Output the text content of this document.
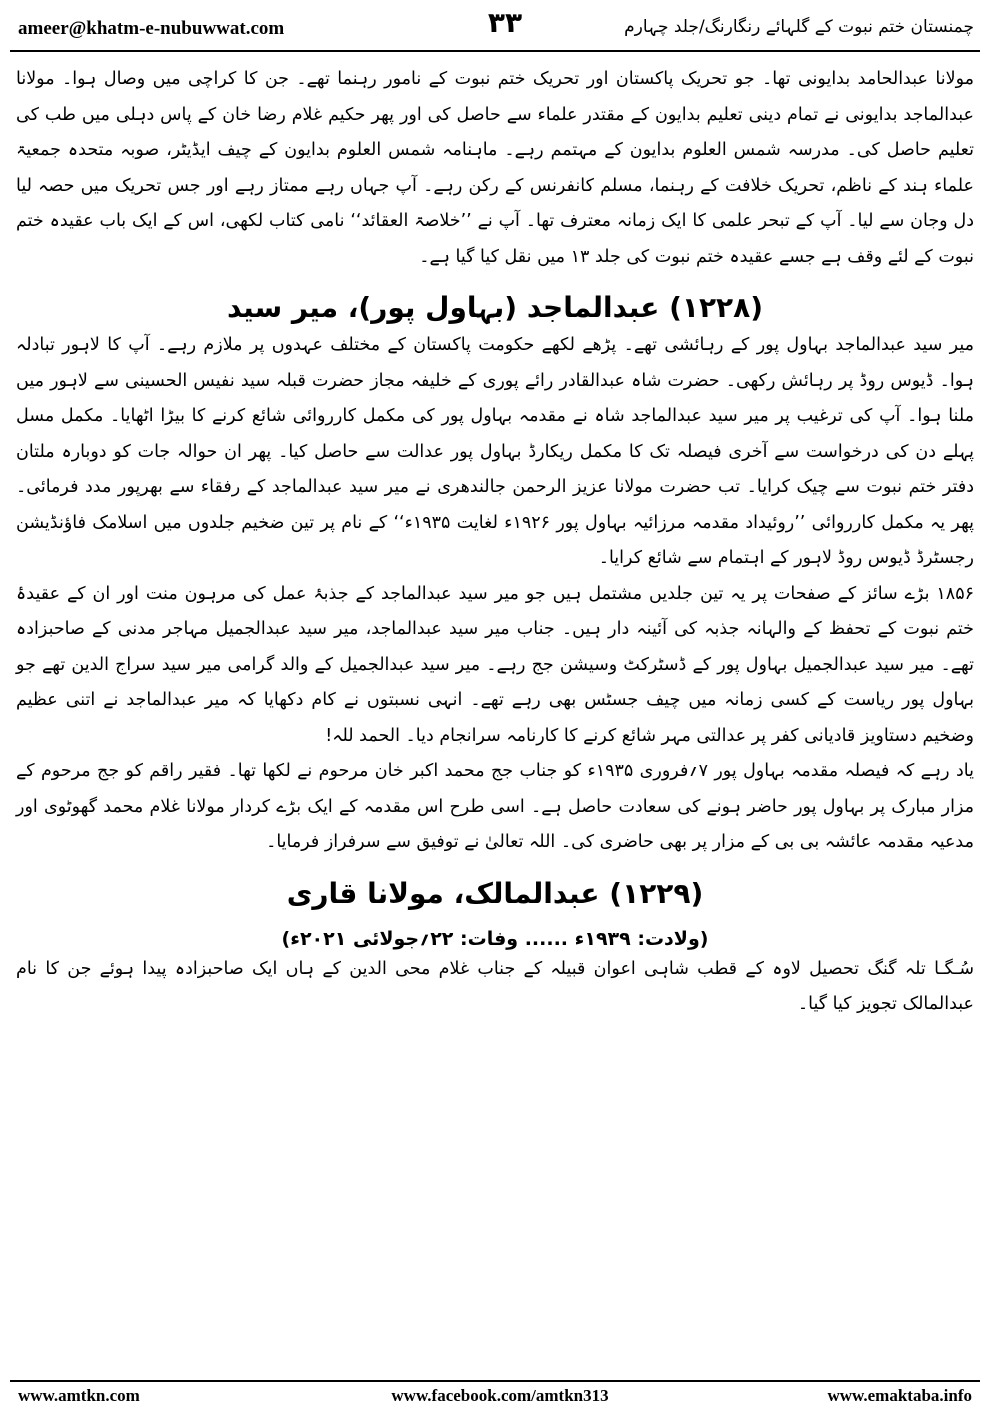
ameer@khatm-e-nubuwwat.com	۳۳	چمنستان ختم نبوت کے گلہائے رنگارنگ/جلد چہارم

مولانا عبدالحامد بدایونی تھا۔ جو تحریک پاکستان اور تحریک ختم نبوت کے نامور رہنما تھے۔ جن کا کراچی میں وصال ہوا۔ مولانا عبدالماجد بدایونی نے تمام دینی تعلیم بدایون کے مقتدر علماء سے حاصل کی اور پھر حکیم غلام رضا خان کے پاس دہلی میں طب کی تعلیم حاصل کی۔ مدرسہ شمس العلوم بدایون کے مہتمم رہے۔ ماہنامہ شمس العلوم بدایون کے چیف ایڈیٹر، صوبہ متحدہ جمعیۃ علماء ہند کے ناظم، تحریک خلافت کے رہنما، مسلم کانفرنس کے رکن رہے۔ آپ جہاں رہے ممتاز رہے اور جس تحریک میں حصہ لیا دل وجان سے لیا۔ آپ کے تبحر علمی کا ایک زمانہ معترف تھا۔ آپ نے ’’خلاصۃ العقائد‘‘ نامی کتاب لکھی، اس کے ایک باب عقیدہ ختم نبوت کے لئے وقف ہے جسے عقیدہ ختم نبوت کی جلد ۱۳ میں نقل کیا گیا ہے۔

(۱۲۲۸) عبدالماجد (بہاول پور)، میر سید

میر سید عبدالماجد بہاول پور کے رہائشی تھے۔ پڑھے لکھے حکومت پاکستان کے مختلف عہدوں پر ملازم رہے۔ آپ کا لاہور تبادلہ ہوا۔ ڈیوس روڈ پر رہائش رکھی۔ حضرت شاہ عبدالقادر رائے پوری کے خلیفہ مجاز حضرت قبلہ سید نفیس الحسینی سے لاہور میں ملنا ہوا۔ آپ کی ترغیب پر میر سید عبدالماجد شاہ نے مقدمہ بہاول پور کی مکمل کارروائی شائع کرنے کا بیڑا اٹھایا۔ مکمل مسل پہلے دن کی درخواست سے آخری فیصلہ تک کا مکمل ریکارڈ بہاول پور عدالت سے حاصل کیا۔ پھر ان حوالہ جات کو دوبارہ ملتان دفتر ختم نبوت سے چیک کرایا۔ تب حضرت مولانا عزیز الرحمن جالندھری نے میر سید عبدالماجد کے رفقاء سے بھرپور مدد فرمائی۔ پھر یہ مکمل کارروائی ’’روئیداد مقدمہ مرزائیہ بہاول پور ۱۹۲۶ء لغایت ۱۹۳۵ء‘‘ کے نام پر تین ضخیم جلدوں میں اسلامک فاؤنڈیشن رجسٹرڈ ڈیوس روڈ لاہور کے اہتمام سے شائع کرایا۔

۱۸۵۶ بڑے سائز کے صفحات پر یہ تین جلدیں مشتمل ہیں جو میر سید عبدالماجد کے جذبۂ عمل کی مرہون منت اور ان کے عقیدۂ ختم نبوت کے تحفظ کے والہانہ جذبہ کی آئینہ دار ہیں۔ جناب میر سید عبدالماجد، میر سید عبدالجمیل مہاجر مدنی کے صاحبزادہ تھے۔ میر سید عبدالجمیل بہاول پور کے ڈسٹرکٹ وسیشن جج رہے۔ میر سید عبدالجمیل کے والد گرامی میر سید سراج الدین تھے جو بہاول پور ریاست کے کسی زمانہ میں چیف جسٹس بھی رہے تھے۔ انہی نسبتوں نے کام دکھایا کہ میر عبدالماجد نے اتنی عظیم وضخیم دستاویز قادیانی کفر پر عدالتی مہر شائع کرنے کا کارنامہ سرانجام دیا۔ الحمد للہ!

یاد رہے کہ فیصلہ مقدمہ بہاول پور ۷؍فروری ۱۹۳۵ء کو جناب جج محمد اکبر خان مرحوم نے لکھا تھا۔ فقیر راقم کو جج مرحوم کے مزار مبارک پر بہاول پور حاضر ہونے کی سعادت حاصل ہے۔ اسی طرح اس مقدمہ کے ایک بڑے کردار مولانا غلام محمد گھوٹوی اور مدعیہ مقدمہ عائشہ بی بی کے مزار پر بھی حاضری کی۔ اللہ تعالیٰ نے توفیق سے سرفراز فرمایا۔

(۱۲۲۹) عبدالمالک، مولانا قاری
(ولادت: ۱۹۳۹ء ...... وفات: ۲۲؍جولائی ۲۰۲۱ء)

سُـگـا تلہ گنگ تحصیل لاوہ کے قطب شاہی اعوان قبیلہ کے جناب غلام محی الدین کے ہاں ایک صاحبزادہ پیدا ہوئے جن کا نام عبدالمالک تجویز کیا گیا۔

www.amtkn.com	www.facebook.com/amtkn313	www.emaktaba.info
